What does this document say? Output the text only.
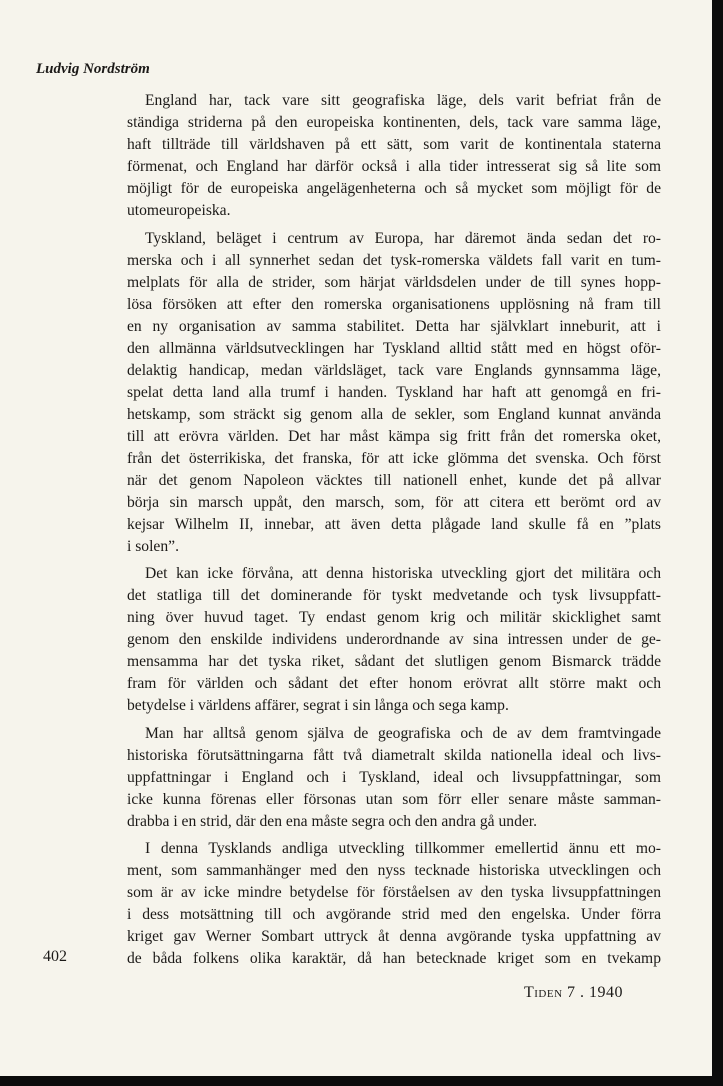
Ludvig Nordström
England har, tack vare sitt geografiska läge, dels varit befriat från de
ständiga striderna på den europeiska kontinenten, dels, tack vare samma läge,
haft tillträde till världshaven på ett sätt, som varit de kontinentala staterna
förmenat, och England har därför också i alla tider intresserat sig så lite som
möjligt för de europeiska angelägenheterna och så mycket som möjligt för de
utomeuropeiska.
Tyskland, beläget i centrum av Europa, har däremot ända sedan det ro-
merska och i all synnerhet sedan det tysk-romerska väldets fall varit en tum-
melplats för alla de strider, som härjat världsdelen under de till synes hopp-
lösa försöken att efter den romerska organisationens upplösning nå fram till
en ny organisation av samma stabilitet. Detta har självklart inneburit, att i
den allmänna världsutvecklingen har Tyskland alltid stått med en högst oför-
delaktig handicap, medan världsläget, tack vare Englands gynnsamma läge,
spelat detta land alla trumf i handen. Tyskland har haft att genomgå en fri-
hetskamp, som sträckt sig genom alla de sekler, som England kunnat använda
till att erövra världen. Det har måst kämpa sig fritt från det romerska oket,
från det österrikiska, det franska, för att icke glömma det svenska. Och först
när det genom Napoleon väcktes till nationell enhet, kunde det på allvar
börja sin marsch uppåt, den marsch, som, för att citera ett berömt ord av
kejsar Wilhelm II, innebar, att även detta plågade land skulle få en ”plats
i solen”.
Det kan icke förvåna, att denna historiska utveckling gjort det militära och
det statliga till det dominerande för tyskt medvetande och tysk livsuppfatt-
ning över huvud taget. Ty endast genom krig och militär skicklighet samt
genom den enskilde individens underordnande av sina intressen under de ge-
mensamma har det tyska riket, sådant det slutligen genom Bismarck trädde
fram för världen och sådant det efter honom erövrat allt större makt och
betydelse i världens affärer, segrat i sin långa och sega kamp.
Man har alltså genom själva de geografiska och de av dem framtvingade
historiska förutsättningarna fått två diametralt skilda nationella ideal och livs-
uppfattningar i England och i Tyskland, ideal och livsuppfattningar, som
icke kunna förenas eller försonas utan som förr eller senare måste samman-
drabba i en strid, där den ena måste segra och den andra gå under.
I denna Tysklands andliga utveckling tillkommer emellertid ännu ett mo-
ment, som sammanhänger med den nyss tecknade historiska utvecklingen och
som är av icke mindre betydelse för förståelsen av den tyska livsuppfattningen
i dess motsättning till och avgörande strid med den engelska. Under förra
kriget gav Werner Sombart uttryck åt denna avgörande tyska uppfattning av
de båda folkens olika karaktär, då han betecknade kriget som en tvekamp
402
Tiden 7 . 1940
